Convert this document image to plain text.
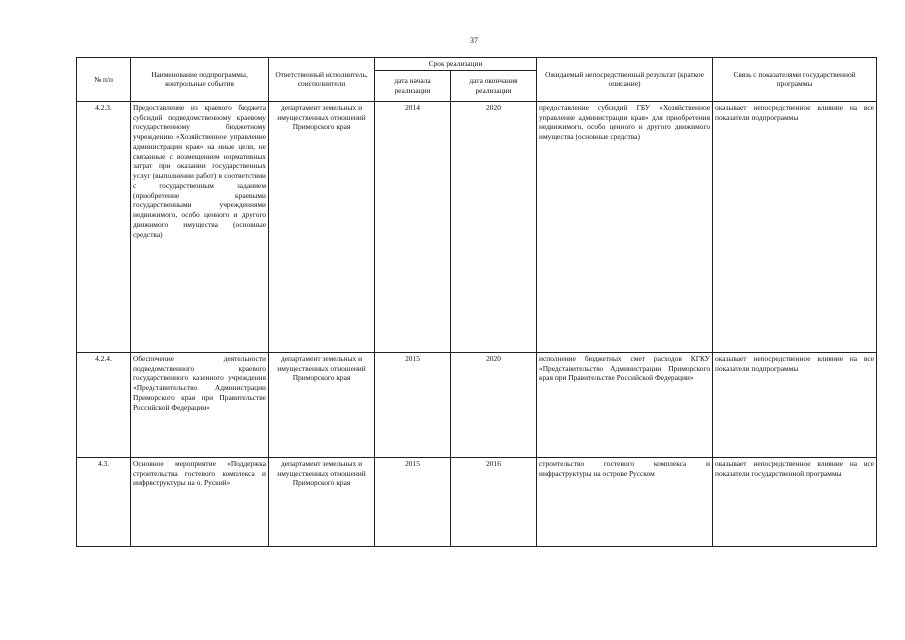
37
№ п/п	Наименование подпрограммы, контрольные события	Ответственный исполнитель, соисполнители	Срок реализации		Ожидаемый непосредственный результат (краткое описание)	Связь с показателями государственной программы
			дата начала реализации	дата окончания реализации		
4.2.3.	Предоставление из краевого бюджета субсидий подведомственному краевому государственному бюджетному учреждению «Хозяйственное управление администрации края» на иные цели, не связанные с возмещением нормативных затрат при оказании государственных услуг (выполнении работ) в соответствии с государственным заданием (приобретение краевыми государственными учреждениями недвижимого, особо ценного и другого движимого имущества (основные средства)	департамент земельных и имущественных отношений Приморского края	2014	2020	предоставление субсидий ГБУ «Хозяйственное управление администрации края» для приобретения недвижимого, особо ценного и другого движимого имущества (основные средства)	оказывает непосредственное влияние на все показатели подпрограммы
4.2.4.	Обеспечение деятельности подведомственного краевого государственного казенного учреждения «Представительство Администрации Приморского края при Правительстве Российской Федерации»	департамент земельных и имущественных отношений Приморского края	2015	2020	исполнение бюджетных смет расходов КГКУ «Представительство Администрации Приморского края при Правительстве Российской Федерации»	оказывает непосредственное влияние на все показатели подпрограммы
4.3.	Основное мероприятие «Поддержка строительства гостевого комплекса и инфрвструктуры на о. Руский»	департамент земельных и имущественных отношений Приморского края	2015	2016	строительство гостевого комплекса и инфраструктуры на острове Русском	оказывает непосредственное влияние на все показатели государственной программы
